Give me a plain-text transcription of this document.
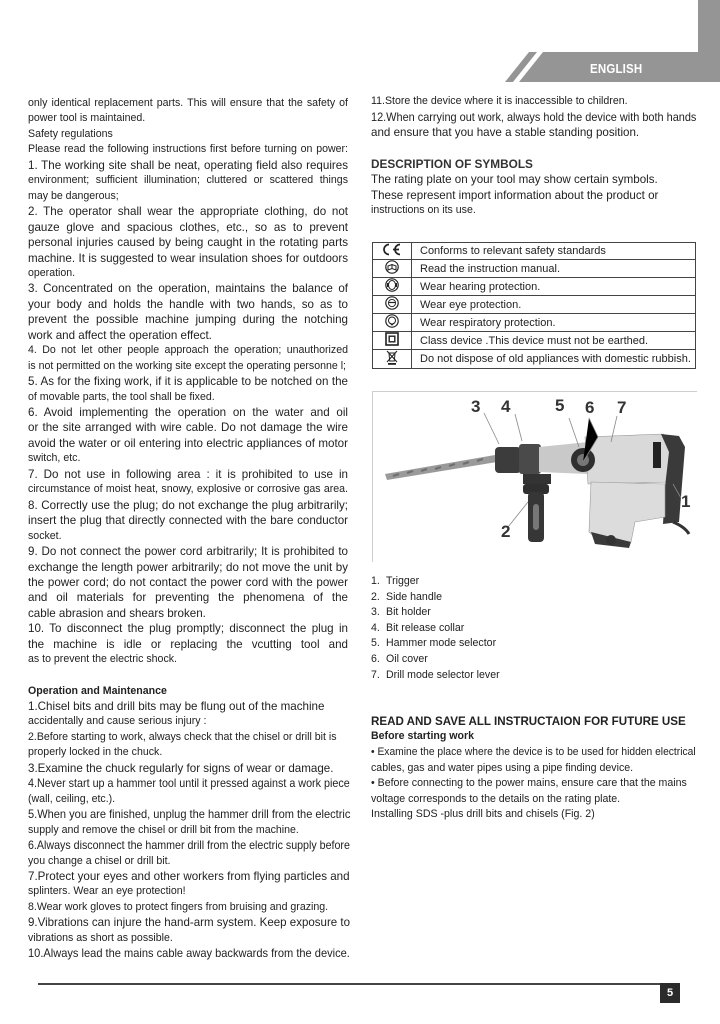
ENGLISH
only identical replacement parts. This will ensure that the safety of
power tool is maintained.
Safety regulations
Please read the following instructions first before turning on power:
1. The working site shall be neat, operating field also requires
environment; sufficient illumination; cluttered or scattered things
may be dangerous;
2. The operator shall wear the appropriate clothing, do not
gauze glove and spacious clothes, etc., so as to prevent
personal injuries caused by being caught in the rotating parts
machine. It is suggested to wear insulation shoes for outdoors
operation.
3. Concentrated on the operation, maintains the balance of
your body and holds the handle with two hands, so as to
prevent the possible machine jumping during the notching
work and affect the operation effect.
4. Do not let other people approach the operation; unauthorized
is not permitted on the working site except the operating personne l;
5. As for the fixing work, if it is applicable to be notched on the
of movable parts, the tool shall be fixed.
6. Avoid implementing the operation on the water and oil
or the site arranged with wire cable. Do not damage the wire
avoid the water or oil entering into electric appliances of motor
switch, etc.
7. Do not use in following area : it is prohibited to use in
circumstance of moist heat, snowy, explosive or corrosive gas area.
8. Correctly use the plug; do not exchange the plug arbitrarily;
insert the plug that directly connected with the bare conductor
socket.
9. Do not connect the power cord arbitrarily; It is prohibited to
exchange the length power arbitrarily; do not move the unit by
the power cord; do not contact the power cord with the power
and oil materials for preventing the phenomena of the
cable abrasion and shears broken.
10. To disconnect the plug promptly; disconnect the plug in
the machine is idle or replacing the vcutting tool and
as to prevent the electric shock.
Operation and Maintenance
1.Chisel bits and drill bits may be flung out of the machine
accidentally and cause serious injury :
2.Before starting to work, always check that the chisel or drill bit is
properly locked in the chuck.
3.Examine the chuck regularly for signs of wear or damage.
4.Never start up a hammer tool until it pressed against a work piece
(wall, ceiling, etc.).
5.When you are finished, unplug the hammer drill from the electric
supply and remove the chisel or drill bit from the machine.
6.Always disconnect the hammer drill from the electric supply before
you change a chisel or drill bit.
7.Protect your eyes and other workers from flying particles and
splinters. Wear an eye protection!
8.Wear work gloves to protect fingers from bruising and grazing.
9.Vibrations can injure the hand-arm system. Keep exposure to
vibrations as short as possible.
10.Always lead the mains cable away backwards from the device.
11.Store the device where it is inaccessible to children.
12.When carrying out work, always hold the device with both hands
and ensure that you have a stable standing position.
DESCRIPTION OF SYMBOLS
The rating plate on your tool may show certain symbols.
These represent import information about the product or
instructions on its use.
	Conforms to relevant safety standards
	Read the instruction manual.
	Wear hearing protection.
	Wear eye protection.
	Wear respiratory protection.
	Class device .This device must not be earthed.
	Do not dispose of old appliances with domestic rubbish.
1
2
3 4	5 6 7
1. Trigger
2. Side handle
3. Bit holder
4. Bit release collar
5. Hammer mode selector
6. Oil cover
7. Drill mode selector lever
READ AND SAVE ALL INSTRUCTAION FOR FUTURE USE
Before starting work
• Examine the place where the device is to be used for hidden electrical
cables, gas and water pipes using a pipe finding device.
• Before connecting to the power mains, ensure care that the mains
voltage corresponds to the details on the rating plate.
Installing SDS -plus drill bits and chisels (Fig. 2)
5
